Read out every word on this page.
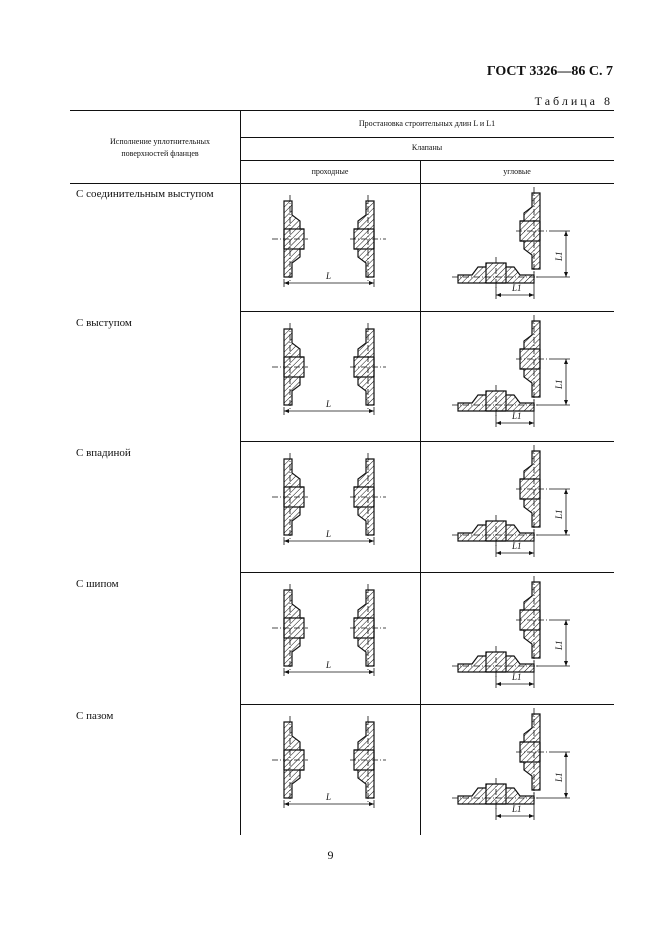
ГОСТ 3326—86 С. 7
Таблица 8
Исполнение уплотнительных поверхностей фланцев
Простановка строительных длин L и L1
Клапаны
проходные	угловые
С соединительным выступом
С выступом
С впадиной
С шипом
С пазом
L
L1
L1
L
L1
L1
L
L1
L1
L
L1
L1
L
L1
L1
9
